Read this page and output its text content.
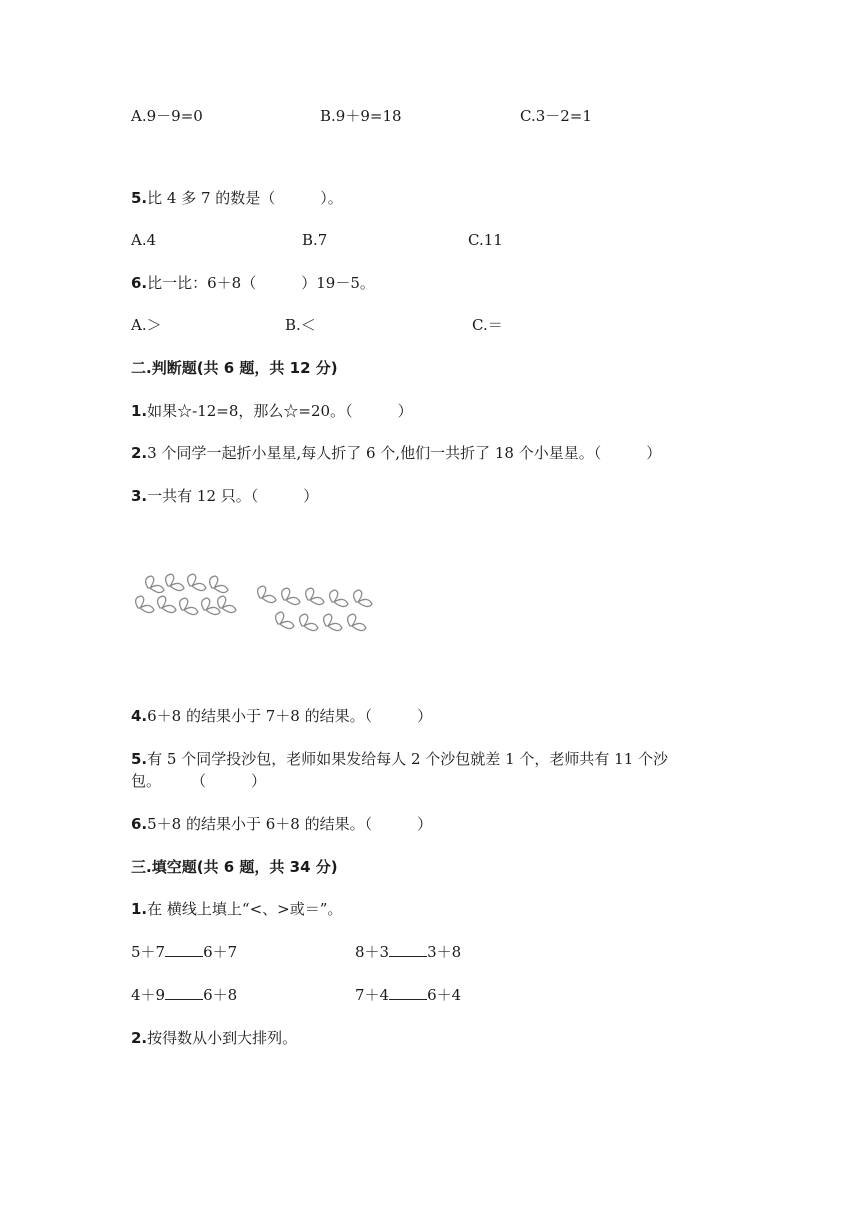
A.9－9=0	B.9＋9=18	C.3－2=1
5.比 4 多 7 的数是（　　　）。
A.4	B.7	C.11
6.比一比：6＋8（　　　）19－5。
A.＞	B.＜	C.＝
二.判断题(共 6 题，共 12 分)
1.如果☆-12=8，那么☆=20。（　　　）
2.3 个同学一起折小星星,每人折了 6 个,他们一共折了 18 个小星星。（　　　）
3.一共有 12 只。（　　　）
4.6＋8 的结果小于 7＋8 的结果。（　　　）
5.有 5 个同学投沙包，老师如果发给每人 2 个沙包就差 1 个，老师共有 11 个沙
包。　　　（　　　）
6.5＋8 的结果小于 6＋8 的结果。（　　　）
三.填空题(共 6 题，共 34 分)
1.在 横线上填上“<、>或＝”。
5＋7	6＋7	8＋3	3＋8
4＋9	6＋8	7＋4	6＋4
2.按得数从小到大排列。
